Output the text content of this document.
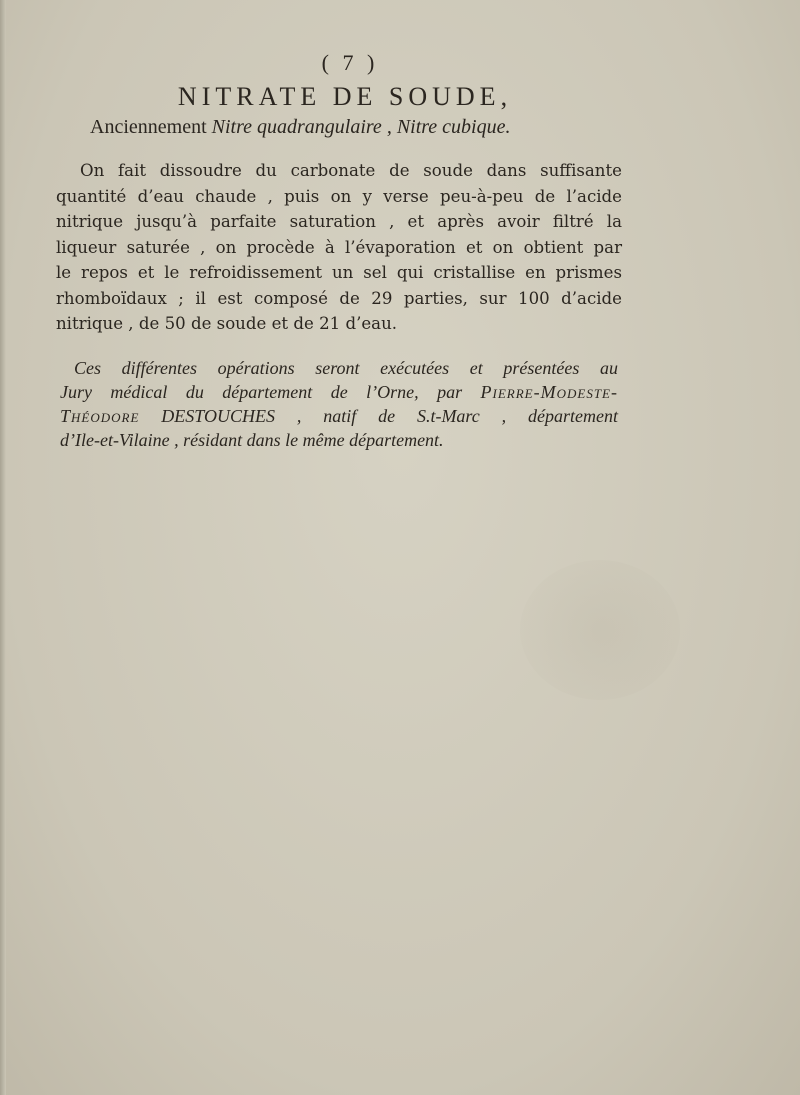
( 7 )
NITRATE DE SOUDE,
Anciennement Nitre quadrangulaire , Nitre cubique.

On fait dissoudre du carbonate de soude dans suffisante
quantité d’eau chaude , puis on y verse peu-à-peu de l’acide
nitrique jusqu’à parfaite saturation , et après avoir filtré la
liqueur saturée , on procède à l’évaporation et on obtient par
le repos et le refroidissement un sel qui cristallise en prismes
rhomboïdaux ; il est composé de 29 parties, sur 100 d’acide
nitrique , de 50 de soude et de 21 d’eau.

Ces différentes opérations seront exécutées et présentées au
Jury médical du département de l’Orne, par Pierre-Modeste-
Théodore DESTOUCHES , natif de S.t-Marc , département
d’Ile-et-Vilaine , résidant dans le même département.
